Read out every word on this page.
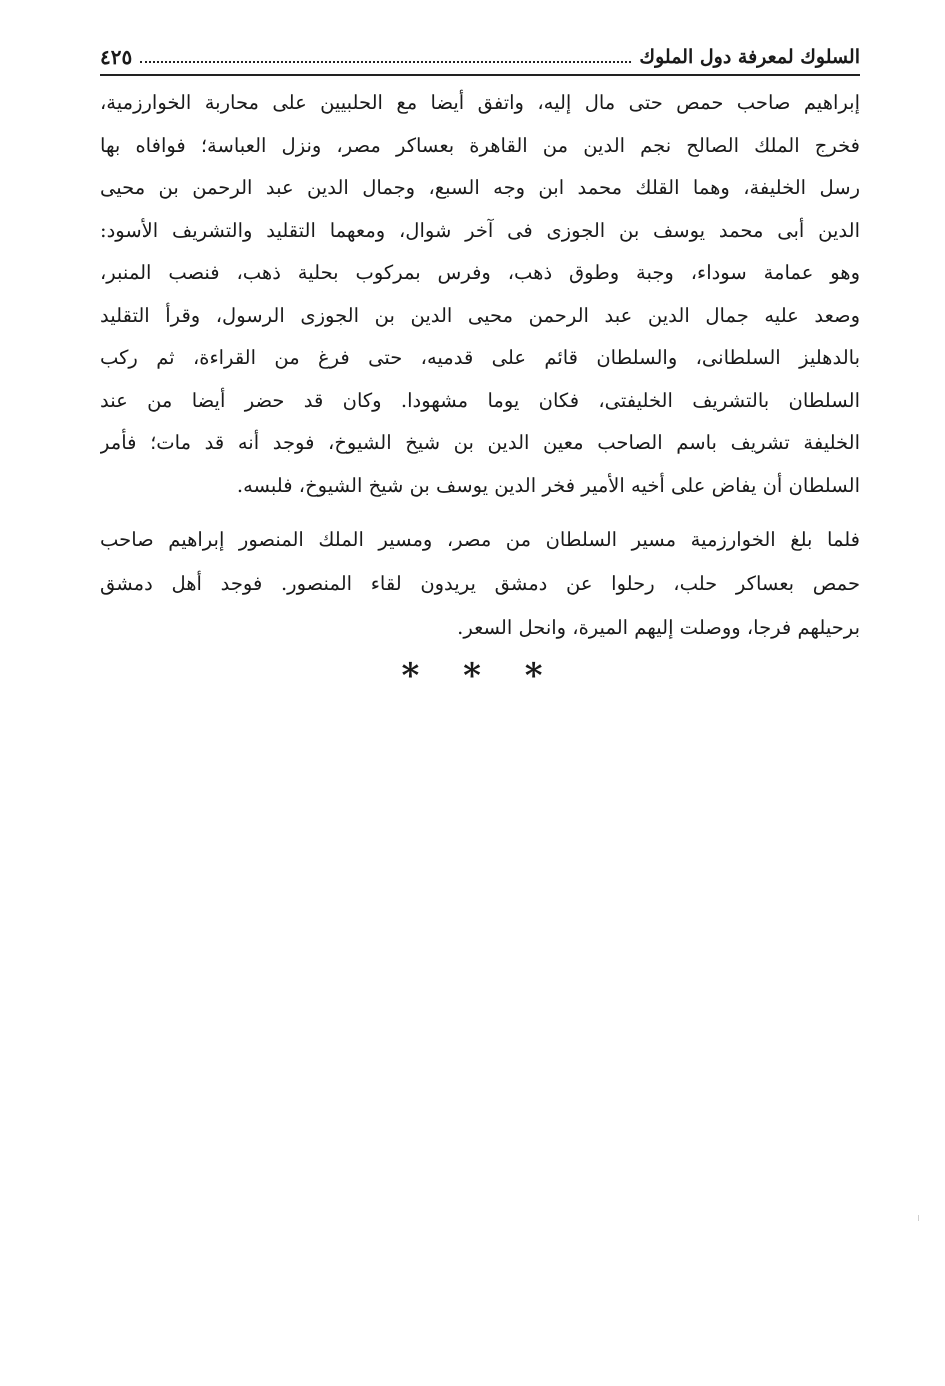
السلوك لمعرفة دول الملوك
٤٢٥
إبراهيم صاحب حمص حتى مال إليه، واتفق أيضا مع الحلبيين على محاربة الخوارزمية،
فخرج الملك الصالح نجم الدين من القاهرة بعساكر مصر، ونزل العباسة؛ فوافاه بها
رسل الخليفة، وهما القلك محمد ابن وجه السبع، وجمال الدين عبد الرحمن بن محيى
الدين أبى محمد يوسف بن الجوزى فى آخر شوال، ومعهما التقليد والتشريف الأسود:
وهو عمامة سوداء، وجبة وطوق ذهب، وفرس بمركوب بحلية ذهب، فنصب المنبر،
وصعد عليه جمال الدين عبد الرحمن محيى الدين بن الجوزى الرسول، وقرأ التقليد
بالدهليز السلطانى، والسلطان قائم على قدميه، حتى فرغ من القراءة، ثم ركب
السلطان بالتشريف الخليفتى، فكان يوما مشهودا. وكان قد حضر أيضا من عند
الخليفة تشريف باسم الصاحب معين الدين بن شيخ الشيوخ، فوجد أنه قد مات؛ فأمر
السلطان أن يفاض على أخيه الأمير فخر الدين يوسف بن شيخ الشيوخ، فلبسه.
فلما بلغ الخوارزمية مسير السلطان من مصر، ومسير الملك المنصور إبراهيم صاحب
حمص بعساكر حلب، رحلوا عن دمشق يريدون لقاء المنصور. فوجد أهل دمشق
برحيلهم فرجا، ووصلت إليهم الميرة، وانحل السعر.
* * *
